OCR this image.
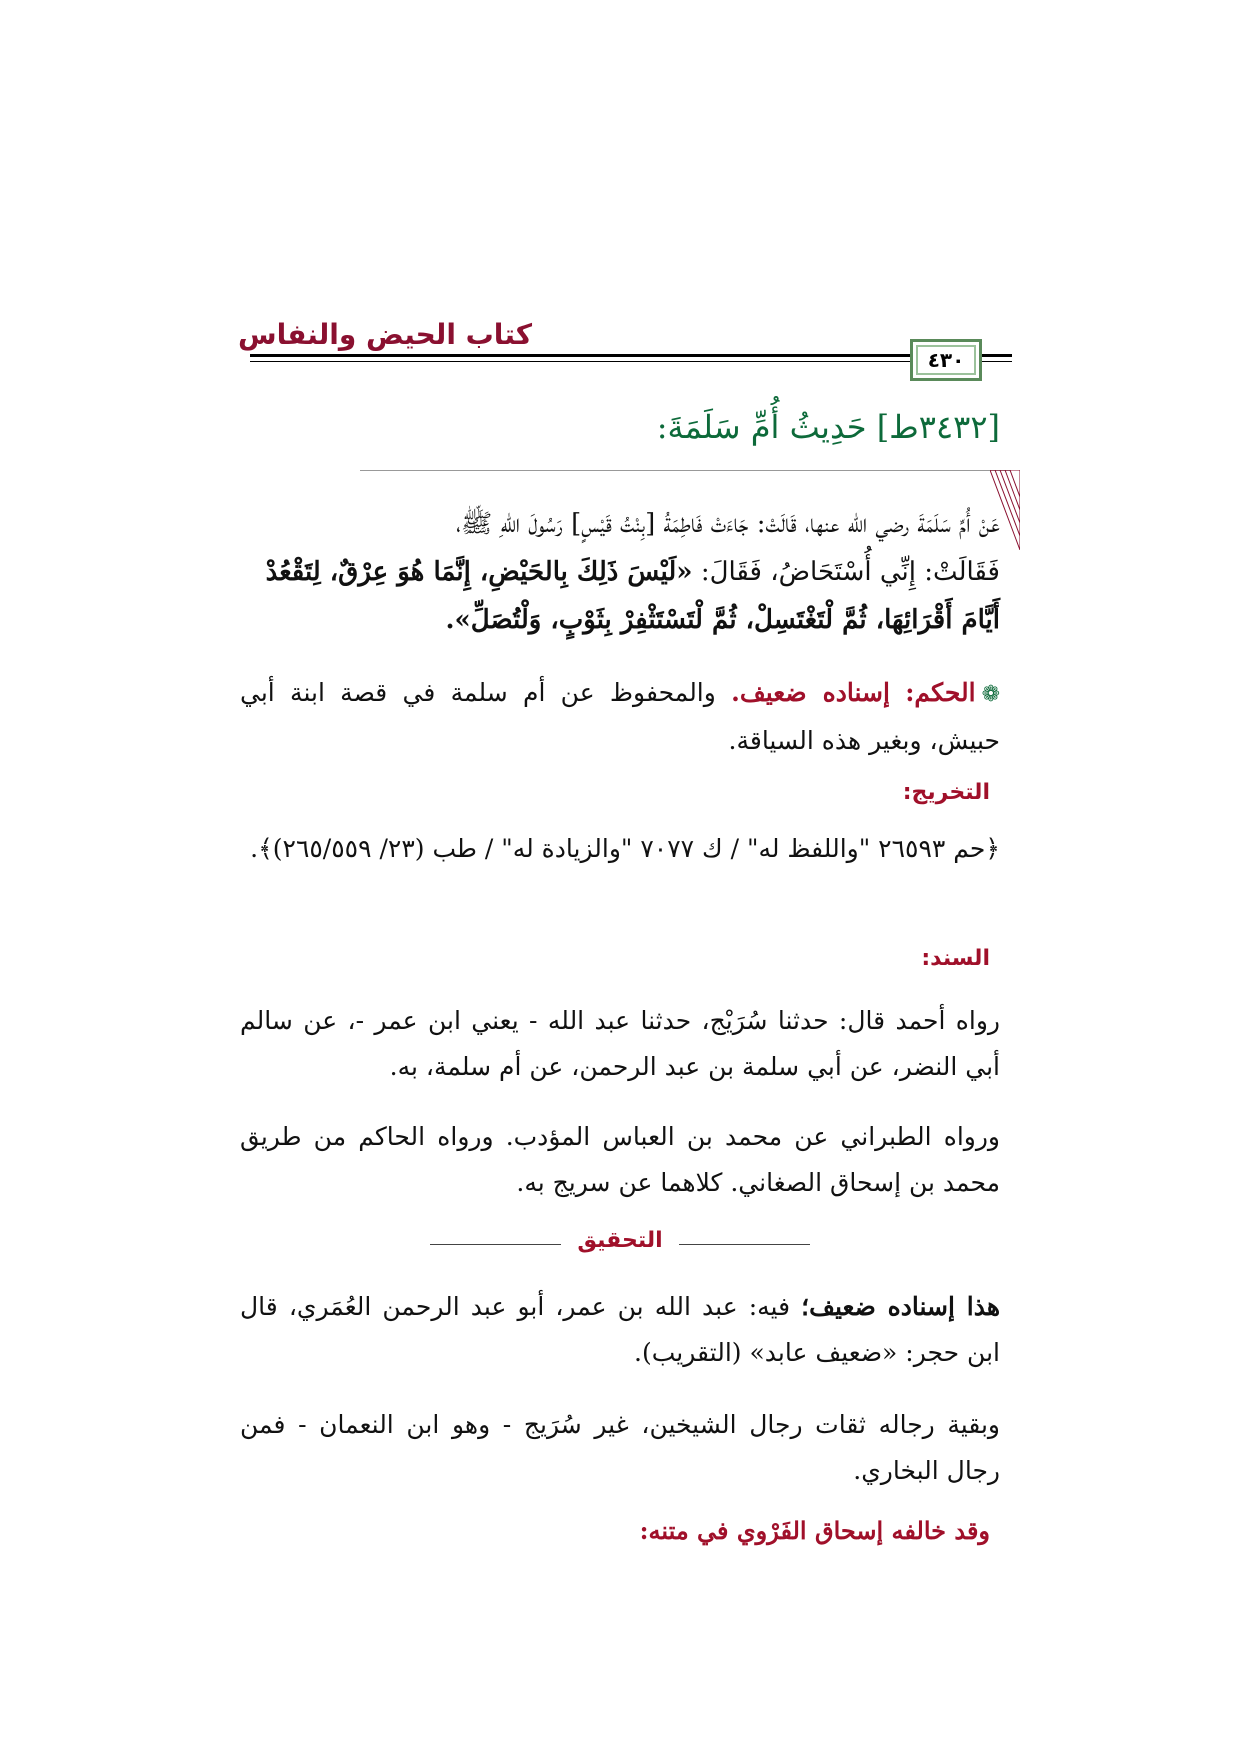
كتاب الحيض والنفاس
٤٣٠
[٣٤٣٢ط] حَدِيثُ أُمِّ سَلَمَةَ:
عَنْ أُمِّ سَلَمَةَ رضي الله عنها، قَالَتْ: جَاءَتْ فَاطِمَةُ [بِنْتُ قَيْسٍ] رَسُولَ اللهِ ﷺ،
فَقَالَتْ: إِنِّي أُسْتَحَاضُ، فَقَالَ: «لَيْسَ ذَلِكَ بِالحَيْضِ، إِنَّمَا هُوَ عِرْقٌ، لِتَقْعُدْ
أَيَّامَ أَقْرَائِهَا، ثُمَّ لْتَغْتَسِلْ، ثُمَّ لْتَسْتَثْفِرْ بِثَوْبٍ، وَلْتُصَلِّ».
❁الحكم: إسناده ضعيف. والمحفوظ عن أم سلمة في قصة ابنة أبي حبيش، وبغير هذه السياقة.
التخريج:
﴿حم ٢٦٥٩٣ "واللفظ له" / ك ٧٠٧٧ "والزيادة له" / طب (٢٣/ ٢٦٥/٥٥٩)﴾.
السند:
رواه أحمد قال: حدثنا سُرَيْج، حدثنا عبد الله - يعني ابن عمر -، عن سالم أبي النضر، عن أبي سلمة بن عبد الرحمن، عن أم سلمة، به.
ورواه الطبراني عن محمد بن العباس المؤدب. ورواه الحاكم من طريق محمد بن إسحاق الصغاني. كلاهما عن سريج به.
التحقيق
هذا إسناده ضعيف؛ فيه: عبد الله بن عمر، أبو عبد الرحمن العُمَري، قال ابن حجر: «ضعيف عابد» (التقريب).
وبقية رجاله ثقات رجال الشيخين، غير سُرَيج - وهو ابن النعمان - فمن رجال البخاري.
وقد خالفه إسحاق الفَرْوي في متنه:
